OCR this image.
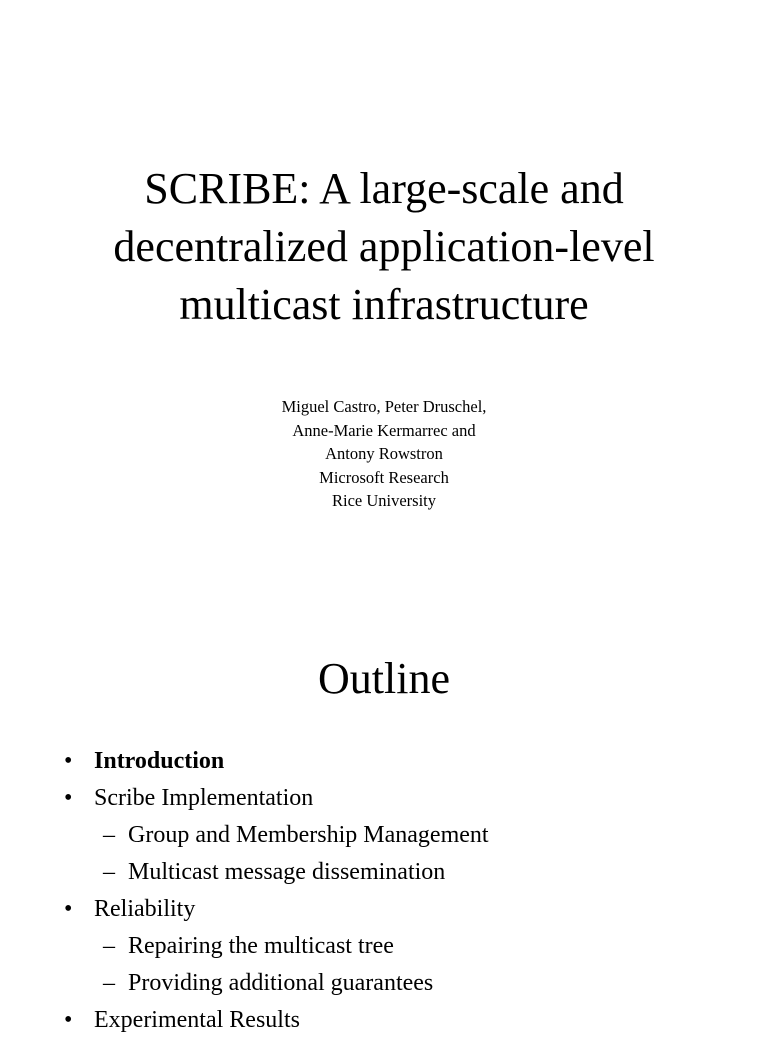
SCRIBE: A large-scale and
decentralized application-level
multicast infrastructure
Miguel Castro, Peter Druschel,
Anne-Marie Kermarrec and
Antony Rowstron
Microsoft Research
Rice University
Outline
• Introduction
• Scribe Implementation
– Group and Membership Management
– Multicast message dissemination
• Reliability
– Repairing the multicast tree
– Providing additional guarantees
• Experimental Results
